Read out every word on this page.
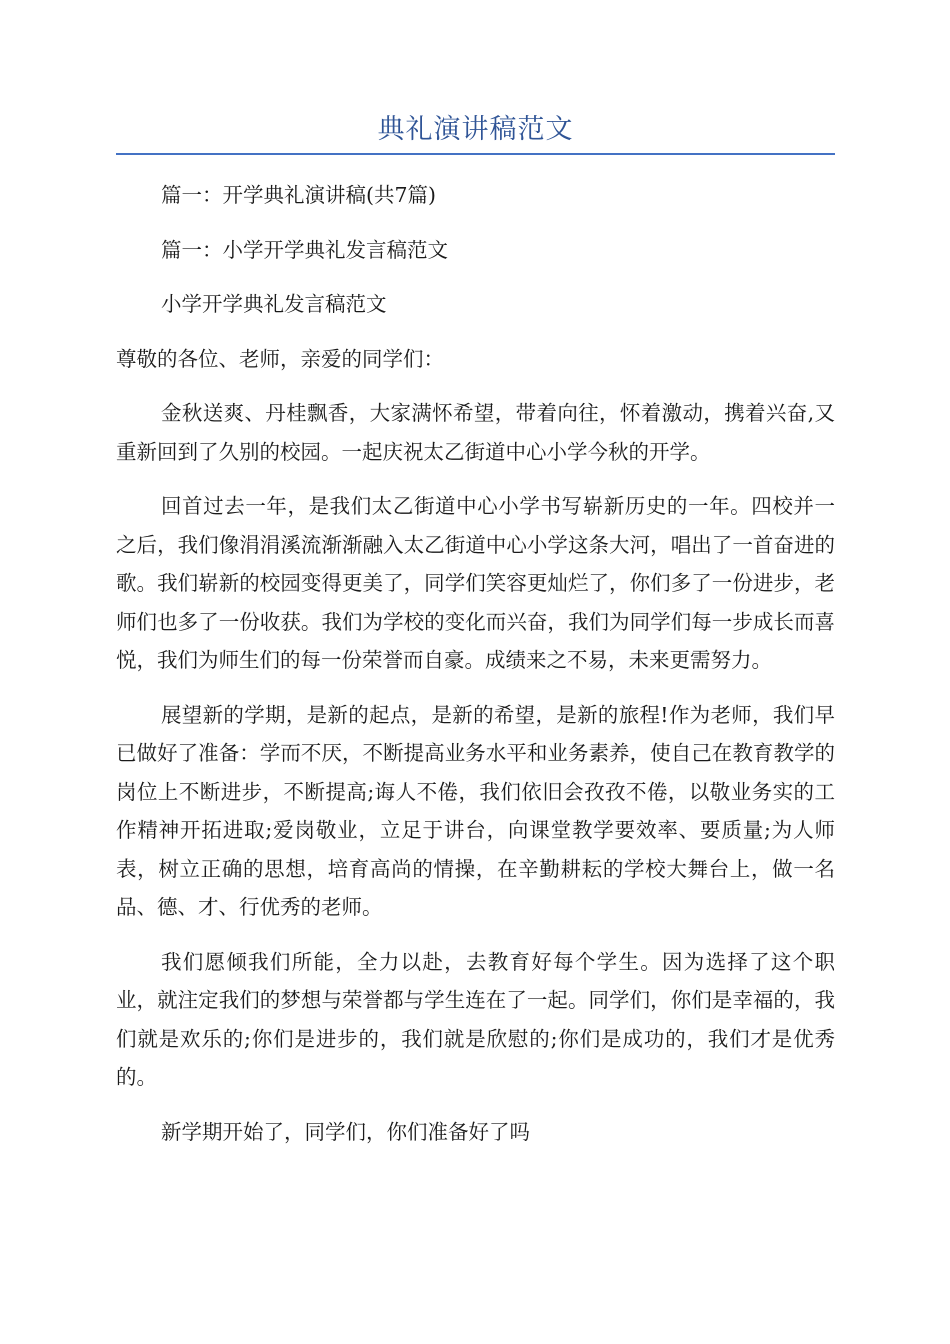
典礼演讲稿范文

篇一：开学典礼演讲稿(共7篇)

篇一：小学开学典礼发言稿范文

小学开学典礼发言稿范文

尊敬的各位、老师，亲爱的同学们：

金秋送爽、丹桂飘香，大家满怀希望，带着向往，怀着激动，携着兴奋,又重新回到了久别的校园。一起庆祝太乙街道中心小学今秋的开学。

回首过去一年，是我们太乙街道中心小学书写崭新历史的一年。四校并一之后，我们像涓涓溪流渐渐融入太乙街道中心小学这条大河，唱出了一首奋进的歌。我们崭新的校园变得更美了，同学们笑容更灿烂了，你们多了一份进步，老师们也多了一份收获。我们为学校的变化而兴奋，我们为同学们每一步成长而喜悦，我们为师生们的每一份荣誉而自豪。成绩来之不易，未来更需努力。

展望新的学期，是新的起点，是新的希望，是新的旅程!作为老师，我们早已做好了准备：学而不厌，不断提高业务水平和业务素养，使自己在教育教学的岗位上不断进步，不断提高;诲人不倦，我们依旧会孜孜不倦，以敬业务实的工作精神开拓进取;爱岗敬业，立足于讲台，向课堂教学要效率、要质量;为人师表，树立正确的思想，培育高尚的情操，在辛勤耕耘的学校大舞台上，做一名品、德、才、行优秀的老师。

我们愿倾我们所能，全力以赴，去教育好每个学生。因为选择了这个职业，就注定我们的梦想与荣誉都与学生连在了一起。同学们，你们是幸福的，我们就是欢乐的;你们是进步的，我们就是欣慰的;你们是成功的，我们才是优秀的。

新学期开始了，同学们，你们准备好了吗
